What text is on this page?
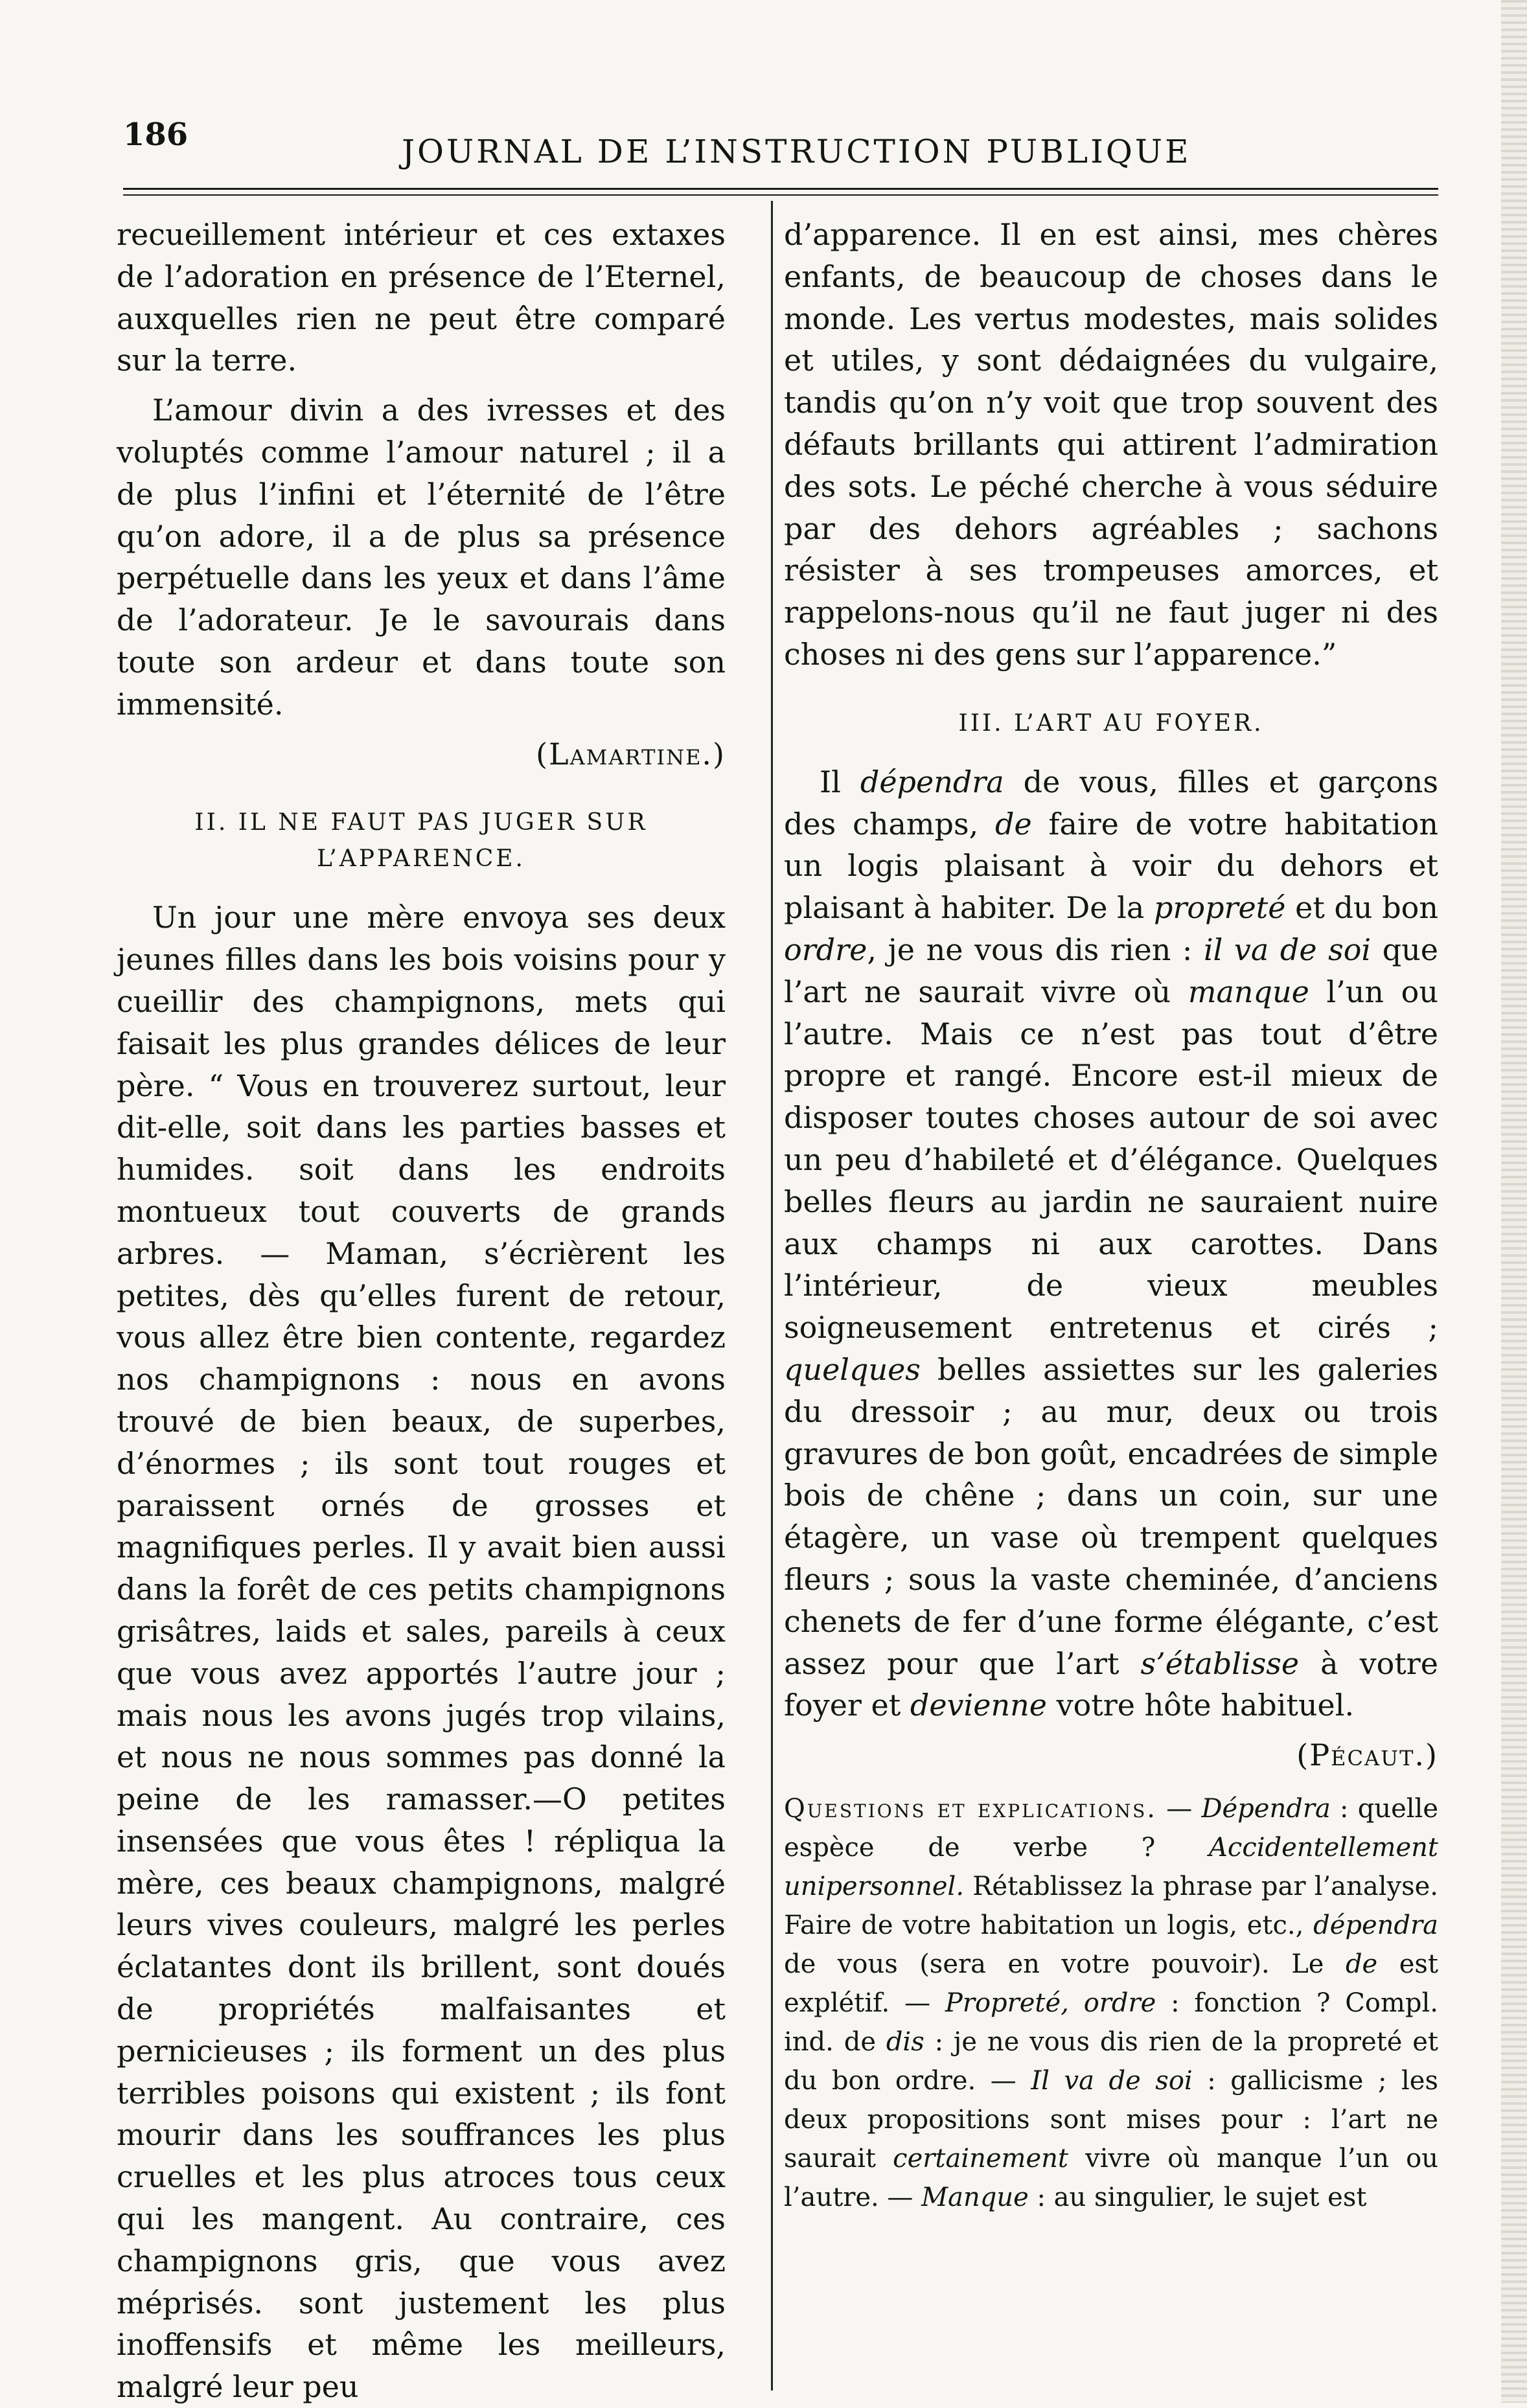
186	JOURNAL DE L’INSTRUCTION PUBLIQUE

recueillement intérieur et ces extaxes de l’adoration en présence de l’Eternel, auxquelles rien ne peut être comparé sur la terre.

L’amour divin a des ivresses et des voluptés comme l’amour naturel ; il a de plus l’infini et l’éternité de l’être qu’on adore, il a de plus sa présence perpétuelle dans les yeux et dans l’âme de l’adorateur. Je le savourais dans toute son ardeur et dans toute son immensité.

(Lamartine.)

II. IL NE FAUT PAS JUGER SUR L’APPARENCE.

Un jour une mère envoya ses deux jeunes filles dans les bois voisins pour y cueillir des champignons, mets qui faisait les plus grandes délices de leur père. “ Vous en trouverez surtout, leur dit-elle, soit dans les parties basses et humides. soit dans les endroits montueux tout couverts de grands arbres. — Maman, s’écrièrent les petites, dès qu’elles furent de retour, vous allez être bien contente, regardez nos champignons : nous en avons trouvé de bien beaux, de superbes, d’énormes ; ils sont tout rouges et paraissent ornés de grosses et magnifiques perles. Il y avait bien aussi dans la forêt de ces petits champignons grisâtres, laids et sales, pareils à ceux que vous avez apportés l’autre jour ; mais nous les avons jugés trop vilains, et nous ne nous sommes pas donné la peine de les ramasser.—O petites insensées que vous êtes ! répliqua la mère, ces beaux champignons, malgré leurs vives couleurs, malgré les perles éclatantes dont ils brillent, sont doués de propriétés malfaisantes et pernicieuses ; ils forment un des plus terribles poisons qui existent ; ils font mourir dans les souffrances les plus cruelles et les plus atroces tous ceux qui les mangent. Au contraire, ces champignons gris, que vous avez méprisés. sont justement les plus inoffensifs et même les meilleurs, malgré leur peu

d’apparence. Il en est ainsi, mes chères enfants, de beaucoup de choses dans le monde. Les vertus modestes, mais solides et utiles, y sont dédaignées du vulgaire, tandis qu’on n’y voit que trop souvent des défauts brillants qui attirent l’admiration des sots. Le péché cherche à vous séduire par des dehors agréables ; sachons résister à ses trompeuses amorces, et rappelons-nous qu’il ne faut juger ni des choses ni des gens sur l’apparence.”

III. L’ART AU FOYER.

Il dépendra de vous, filles et garçons des champs, de faire de votre habitation un logis plaisant à voir du dehors et plaisant à habiter. De la propreté et du bon ordre, je ne vous dis rien : il va de soi que l’art ne saurait vivre où manque l’un ou l’autre. Mais ce n’est pas tout d’être propre et rangé. Encore est-il mieux de disposer toutes choses autour de soi avec un peu d’habileté et d’élégance. Quelques belles fleurs au jardin ne sauraient nuire aux champs ni aux carottes. Dans l’intérieur, de vieux meubles soigneusement entretenus et cirés ; quelques belles assiettes sur les galeries du dressoir ; au mur, deux ou trois gravures de bon goût, encadrées de simple bois de chêne ; dans un coin, sur une étagère, un vase où trempent quelques fleurs ; sous la vaste cheminée, d’anciens chenets de fer d’une forme élégante, c’est assez pour que l’art s’établisse à votre foyer et devienne votre hôte habituel.

(Pécaut.)

Questions et explications. — Dépendra : quelle espèce de verbe ? Accidentellement unipersonnel. Rétablissez la phrase par l’analyse. Faire de votre habitation un logis, etc., dépendra de vous (sera en votre pouvoir). Le de est explétif. — Propreté, ordre : fonction ? Compl. ind. de dis : je ne vous dis rien de la propreté et du bon ordre. — Il va de soi : gallicisme ; les deux propositions sont mises pour : l’art ne saurait certainement vivre où manque l’un ou l’autre. — Manque : au singulier, le sujet est
